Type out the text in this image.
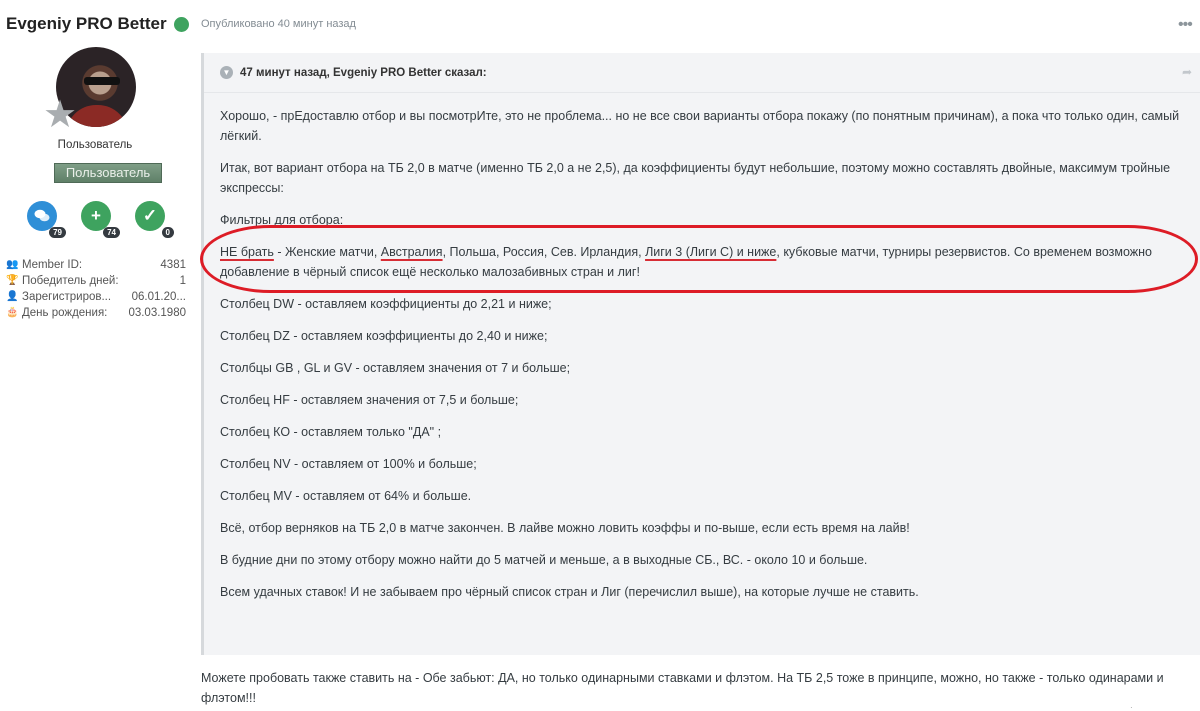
Evgeniy PRO Better
★
Пользователь
Пользователь
79
+
74
✓
0
👥 Member ID:	4381
🏆 Победитель дней:	1
👤 Зарегистриров... 06.01.20...
🎂 День рождения: 03.03.1980
Опубликовано 40 минут назад	•••
▼ 47 минут назад, Evgeniy PRO Better сказал:	➦

Хорошо, - прЕдоставлю отбор и вы посмотрИте, это не проблема... но не все свои варианты отбора покажу (по понятным причинам), а пока что только один, самый лёгкий.

Итак, вот вариант отбора на ТБ 2,0 в матче (именно ТБ 2,0 а не 2,5), да коэффициенты будут небольшие, поэтому можно составлять двойные, максимум тройные экспрессы:

Фильтры для отбора:

НЕ брать - Женские матчи, Австралия, Польша, Россия, Сев. Ирландия, Лиги 3 (Лиги С) и ниже, кубковые матчи, турниры резервистов. Со временем возможно добавление в чёрный список ещё несколько малозабивных стран и лиг!

Столбец DW - оставляем коэффициенты до 2,21 и ниже;

Столбец DZ - оставляем коэффициенты до 2,40 и ниже;

Столбцы GB , GL и GV - оставляем значения от 7 и больше;

Столбец HF - оставляем значения от 7,5 и больше;

Столбец КО - оставляем только "ДА" ;

Столбец NV - оставляем от 100% и больше;

Столбец MV - оставляем от 64% и больше.

Всё, отбор верняков на ТБ 2,0 в матче закончен. В лайве можно ловить коэффы и по-выше, если есть время на лайв!

В будние дни по этому отбору можно найти до 5 матчей и меньше, а в выходные СБ., ВС. - около 10 и больше.

Всем удачных ставок! И не забываем про чёрный список стран и Лиг (перечислил выше), на которые лучше не ставить.

Можете пробовать также ставить на - Обе забьют: ДА, но только одинарными ставками и флэтом. На ТБ 2,5 тоже в принципе, можно, но также - только одинарами и флэтом!!!
·
